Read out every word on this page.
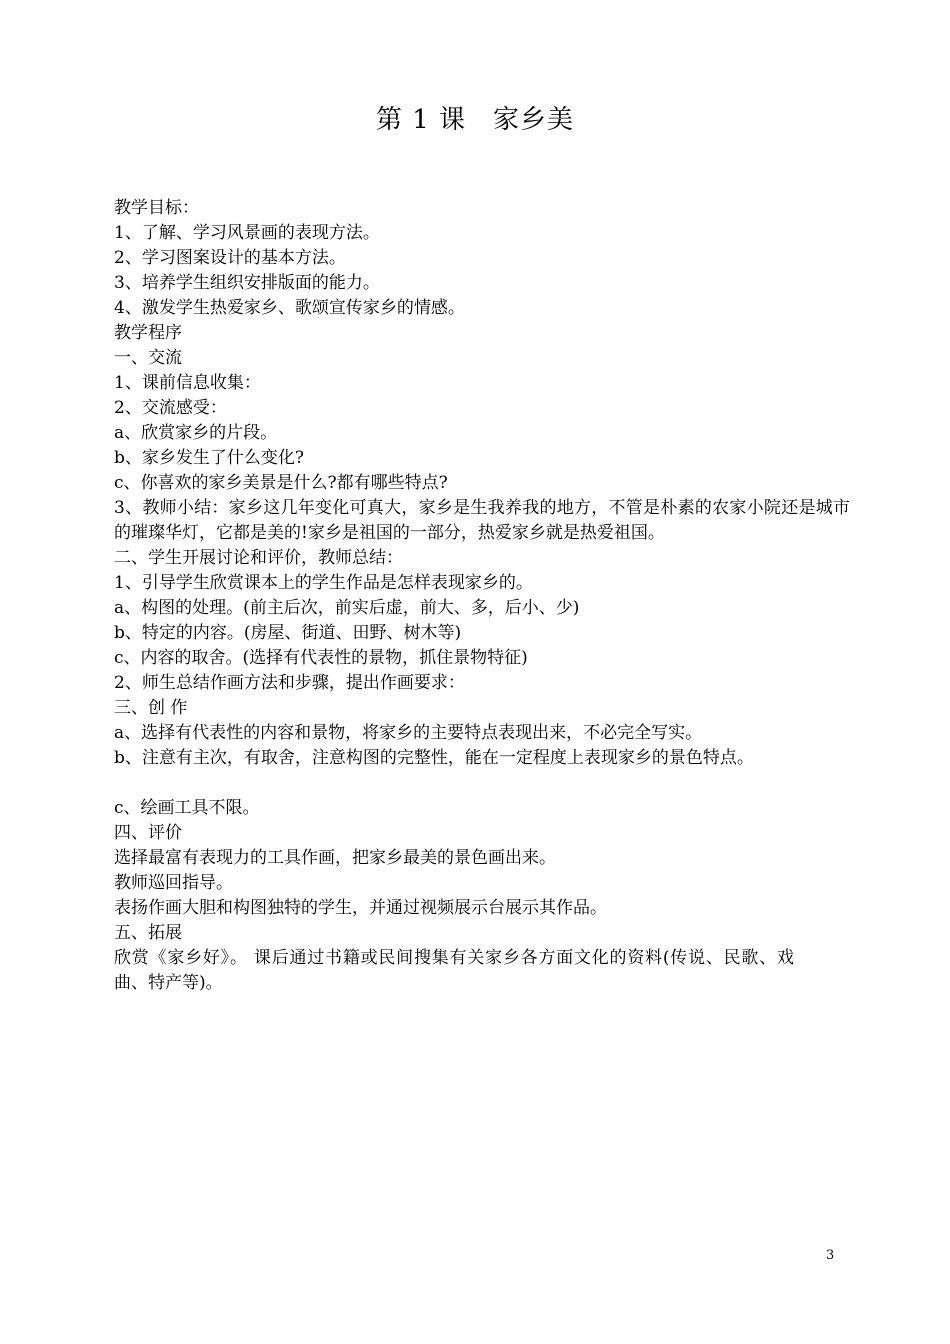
第 1 课　家乡美
教学目标：
1、了解、学习风景画的表现方法。
2、学习图案设计的基本方法。
3、培养学生组织安排版面的能力。
4、激发学生热爱家乡、歌颂宣传家乡的情感。
教学程序
一、交流
1、课前信息收集：
2、交流感受：
a、欣赏家乡的片段。
b、家乡发生了什么变化?
c、你喜欢的家乡美景是什么?都有哪些特点?
3、教师小结：家乡这几年变化可真大，家乡是生我养我的地方，不管是朴素的农家小院还是城市的璀璨华灯，它都是美的!家乡是祖国的一部分，热爱家乡就是热爱祖国。
二、学生开展讨论和评价，教师总结：
1、引导学生欣赏课本上的学生作品是怎样表现家乡的。
a、构图的处理。(前主后次，前实后虚，前大、多，后小、少)
b、特定的内容。(房屋、街道、田野、树木等)
c、内容的取舍。(选择有代表性的景物，抓住景物特征)
2、师生总结作画方法和步骤，提出作画要求：
三、创 作
a、选择有代表性的内容和景物，将家乡的主要特点表现出来，不必完全写实。
b、注意有主次，有取舍，注意构图的完整性，能在一定程度上表现家乡的景色特点。
c、绘画工具不限。
四、评价
选择最富有表现力的工具作画，把家乡最美的景色画出来。
教师巡回指导。
表扬作画大胆和构图独特的学生，并通过视频展示台展示其作品。
五、拓展
欣赏《家乡好》。 课后通过书籍或民间搜集有关家乡各方面文化的资料(传说、民歌、戏曲、特产等)。
3
